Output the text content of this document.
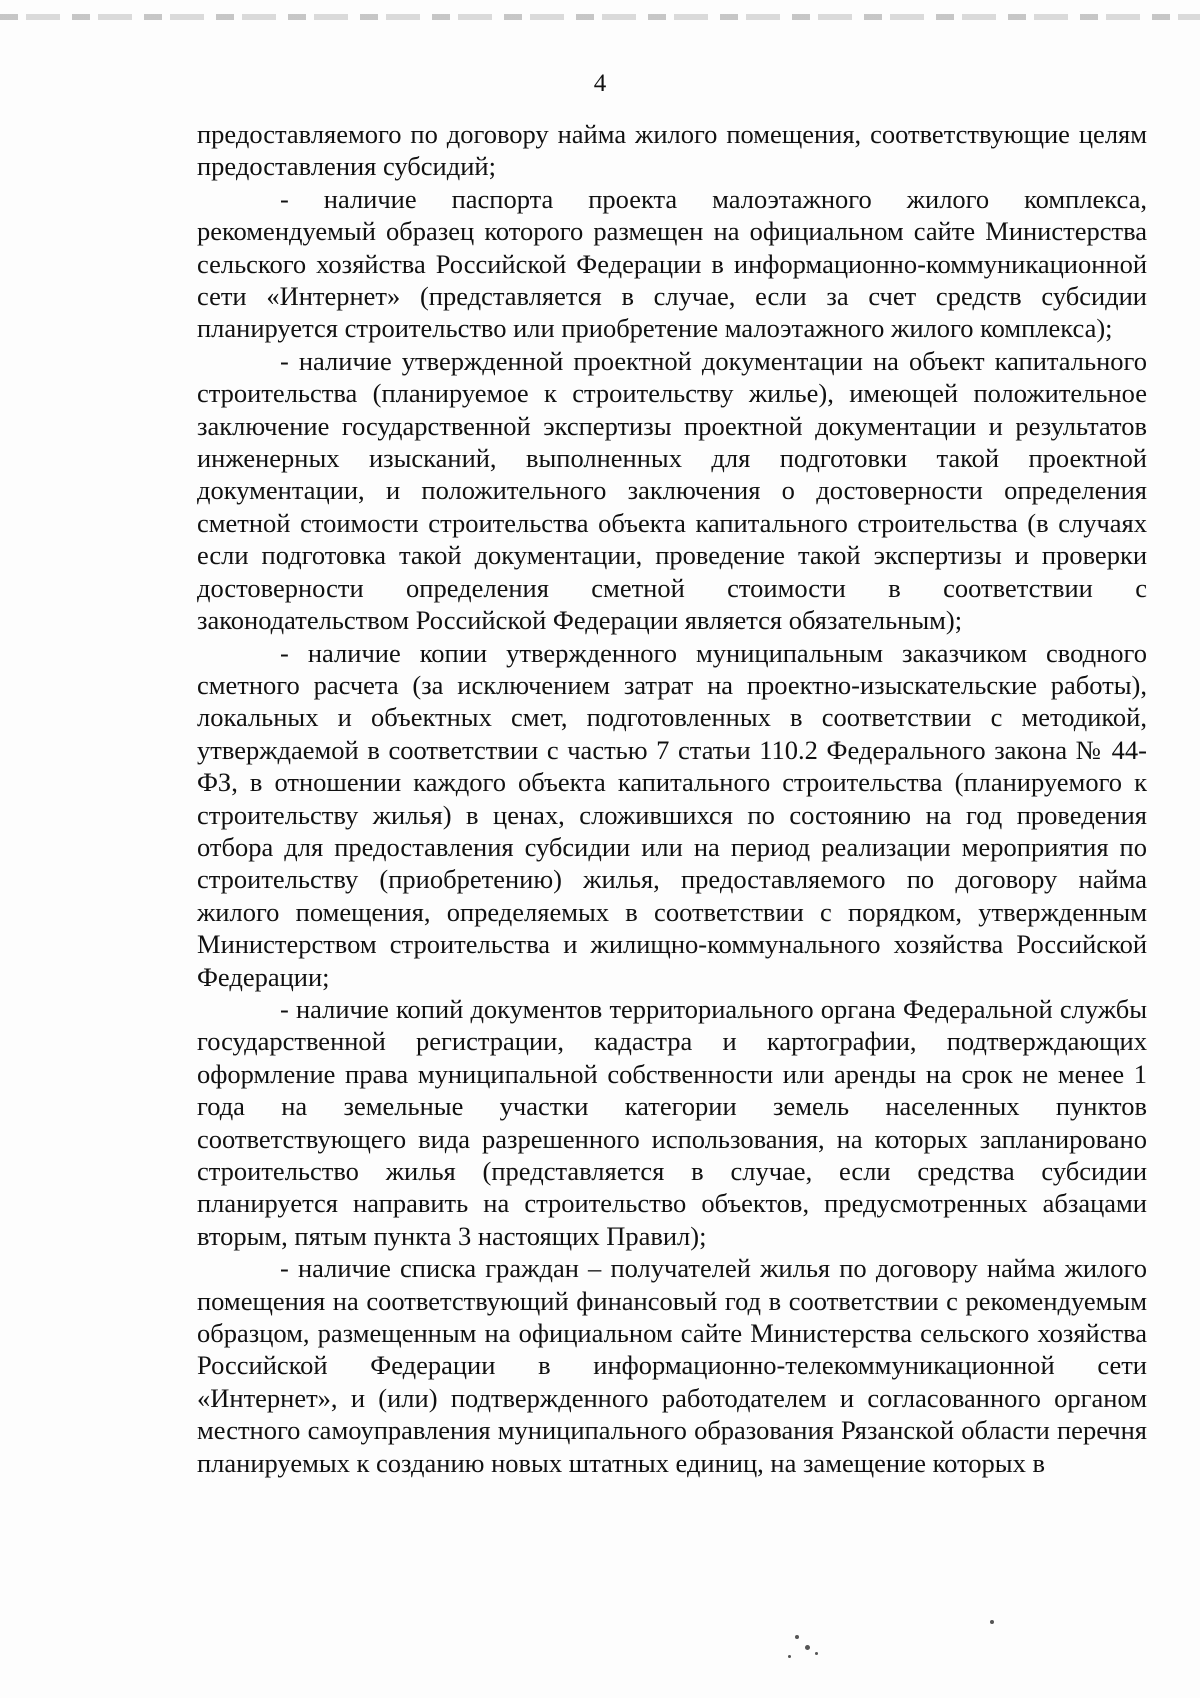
4

предоставляемого по договору найма жилого помещения, соответствующие целям предоставления субсидий;

- наличие паспорта проекта малоэтажного жилого комплекса, рекомендуемый образец которого размещен на официальном сайте Министерства сельского хозяйства Российской Федерации в информационно-коммуникационной сети «Интернет» (представляется в случае, если за счет средств субсидии планируется строительство или приобретение малоэтажного жилого комплекса);

- наличие утвержденной проектной документации на объект капитального строительства (планируемое к строительству жилье), имеющей положительное заключение государственной экспертизы проектной документации и результатов инженерных изысканий, выполненных для подготовки такой проектной документации, и положительного заключения о достоверности определения сметной стоимости строительства объекта капитального строительства (в случаях если подготовка такой документации, проведение такой экспертизы и проверки достоверности определения сметной стоимости в соответствии с законодательством Российской Федерации является обязательным);

- наличие копии утвержденного муниципальным заказчиком сводного сметного расчета (за исключением затрат на проектно-изыскательские работы), локальных и объектных смет, подготовленных в соответствии с методикой, утверждаемой в соответствии с частью 7 статьи 110.2 Федерального закона № 44-ФЗ, в отношении каждого объекта капитального строительства (планируемого к строительству жилья) в ценах, сложившихся по состоянию на год проведения отбора для предоставления субсидии или на период реализации мероприятия по строительству (приобретению) жилья, предоставляемого по договору найма жилого помещения, определяемых в соответствии с порядком, утвержденным Министерством строительства и жилищно-коммунального хозяйства Российской Федерации;

- наличие копий документов территориального органа Федеральной службы государственной регистрации, кадастра и картографии, подтверждающих оформление права муниципальной собственности или аренды на срок не менее 1 года на земельные участки категории земель населенных пунктов соответствующего вида разрешенного использования, на которых запланировано строительство жилья (представляется в случае, если средства субсидии планируется направить на строительство объектов, предусмотренных абзацами вторым, пятым пункта 3 настоящих Правил);

- наличие списка граждан – получателей жилья по договору найма жилого помещения на соответствующий финансовый год в соответствии с рекомендуемым образцом, размещенным на официальном сайте Министерства сельского хозяйства Российской Федерации в информационно-телекоммуникационной сети «Интернет», и (или) подтвержденного работодателем и согласованного органом местного самоуправления муниципального образования Рязанской области перечня планируемых к созданию новых штатных единиц, на замещение которых в
